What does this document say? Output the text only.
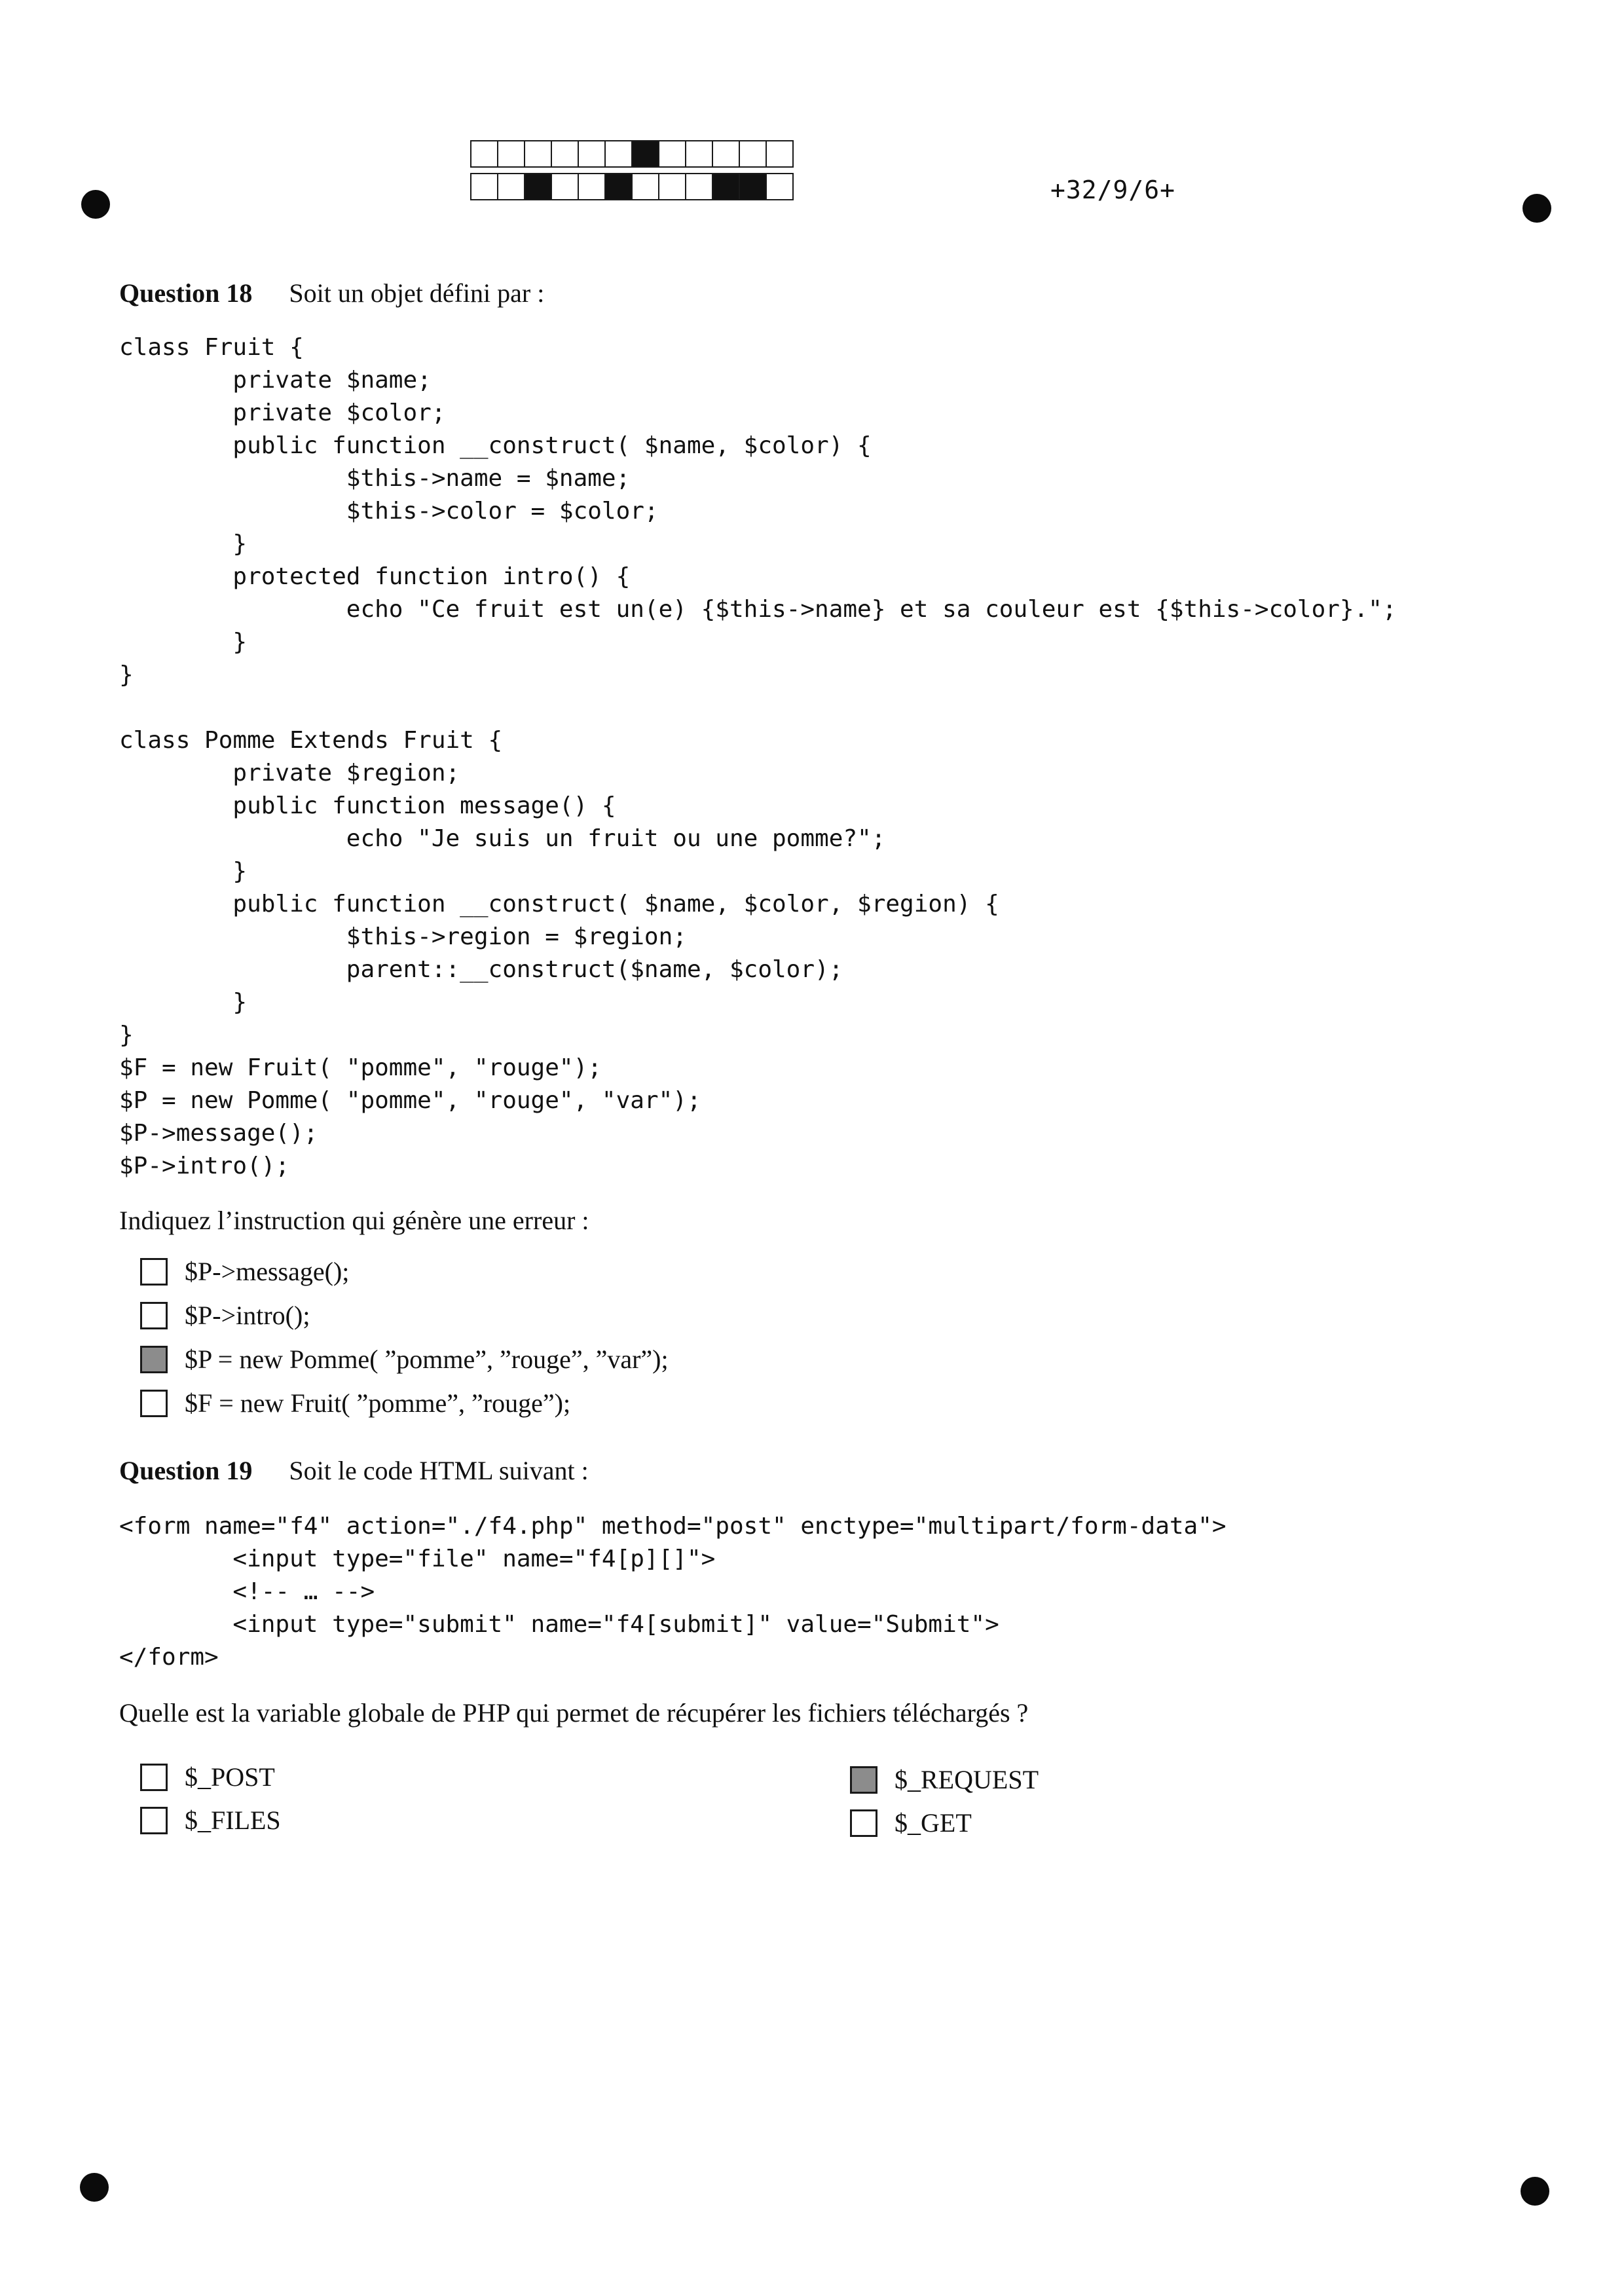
+32/9/6+
Question 18 Soit un objet défini par :
class Fruit {
private $name;
private $color;
public function __construct( $name, $color) {
$this->name = $name;
$this->color = $color;
}
protected function intro() {
echo "Ce fruit est un(e) {$this->name} et sa couleur est {$this->color}.";
}
}

class Pomme Extends Fruit {
private $region;
public function message() {
echo "Je suis un fruit ou une pomme?";
}
public function __construct( $name, $color, $region) {
$this->region = $region;
parent::__construct($name, $color);
}
}
$F = new Fruit( "pomme", "rouge");
$P = new Pomme( "pomme", "rouge", "var");
$P->message();
$P->intro();
Indiquez l’instruction qui génère une erreur :
$P->message();
$P->intro();
$P = new Pomme( ”pomme”, ”rouge”, ”var”);
$F = new Fruit( ”pomme”, ”rouge”);
Question 19 Soit le code HTML suivant :
<form name="f4" action="./f4.php" method="post" enctype="multipart/form-data">
<input type="file" name="f4[p][]">
<!-- … -->
<input type="submit" name="f4[submit]" value="Submit">
</form>
Quelle est la variable globale de PHP qui permet de récupérer les fichiers téléchargés ?
$_POST
$_FILES
$_REQUEST
$_GET
